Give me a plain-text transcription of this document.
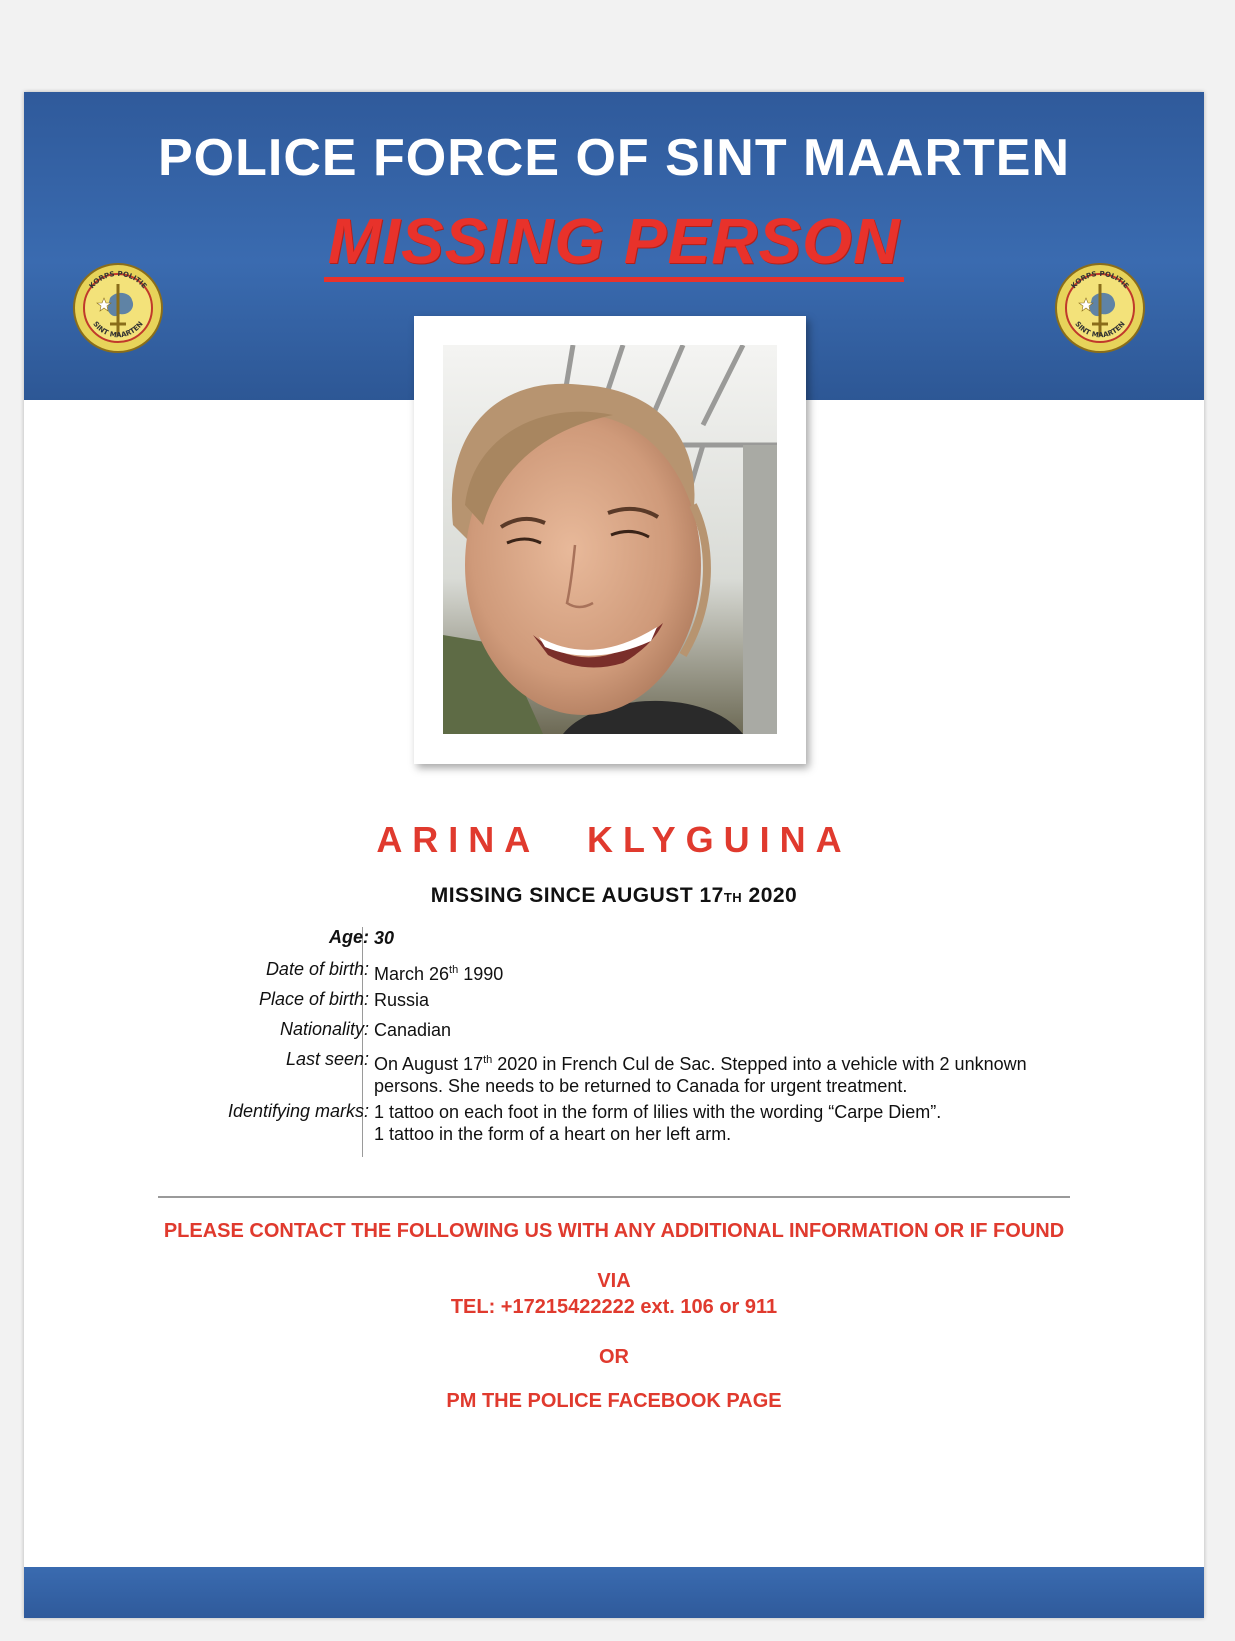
POLICE FORCE OF SINT MAARTEN
MISSING PERSON
KORPS POLITIE
SINT MAARTEN
KORPS POLITIE
SINT MAARTEN
ARINA KLYGUINA
MISSING SINCE AUGUST 17TH 2020
Age: 30
Date of birth: March 26th 1990
Place of birth: Russia
Nationality: Canadian
Last seen: On August 17th 2020 in French Cul de Sac. Stepped into a vehicle with 2 unknown persons. She needs to be returned to Canada for urgent treatment.
Identifying marks: 1 tattoo on each foot in the form of lilies with the wording “Carpe Diem”.
1 tattoo in the form of a heart on her left arm.
PLEASE CONTACT THE FOLLOWING US WITH ANY ADDITIONAL INFORMATION OR IF FOUND
VIA
TEL: +17215422222 ext. 106 or 911
OR
PM THE POLICE FACEBOOK PAGE
